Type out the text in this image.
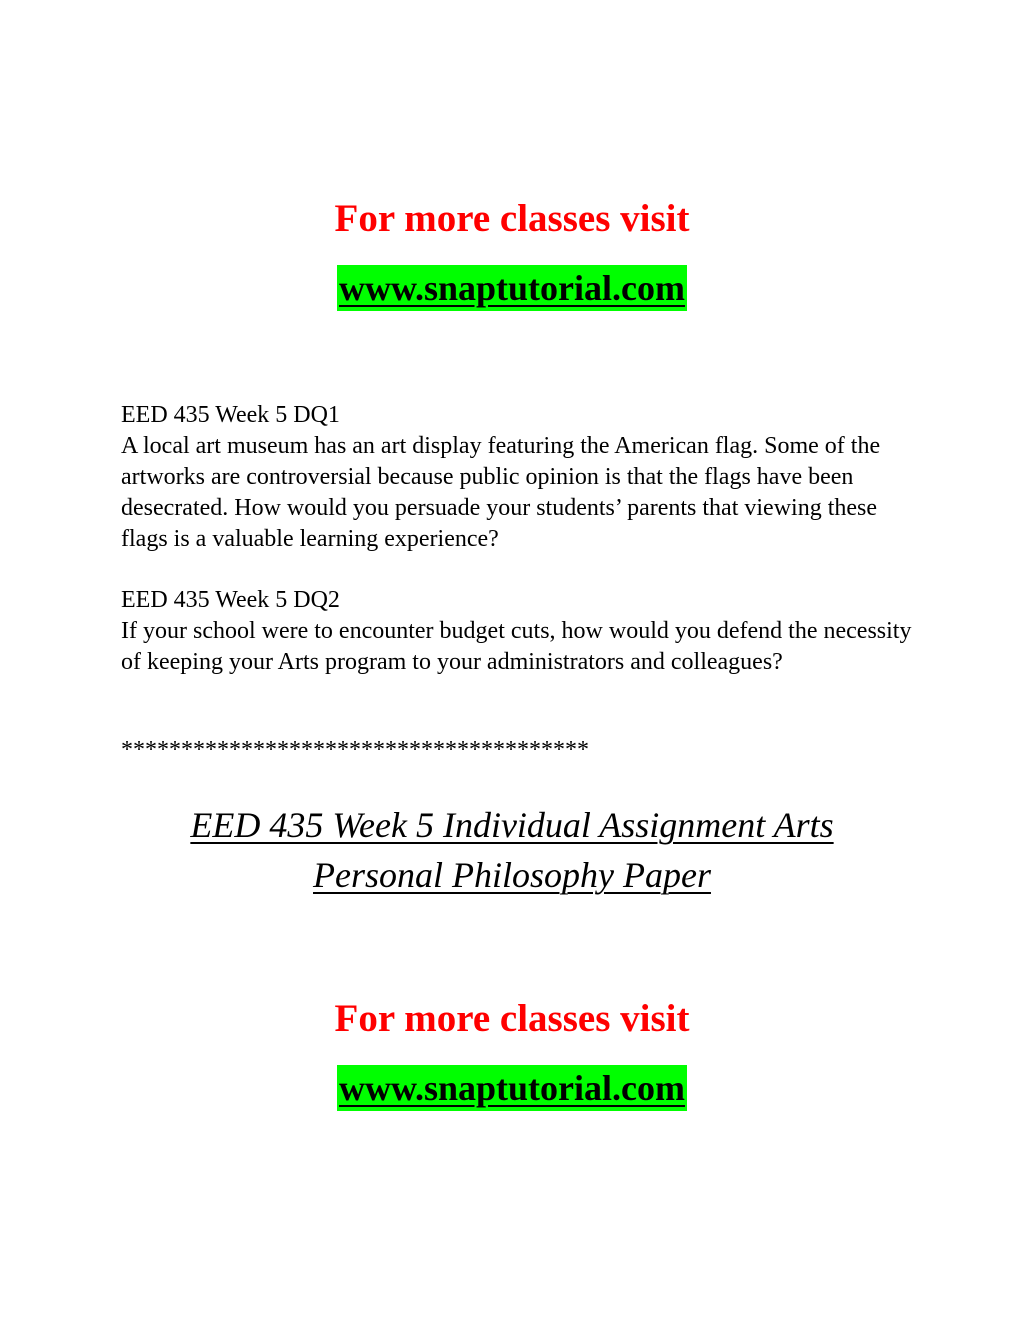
For more classes visit
www.snaptutorial.com

EED 435 Week 5 DQ1

A local art museum has an art display featuring the American flag. Some of the artworks are controversial because public opinion is that the flags have been desecrated. How would you persuade your students’ parents that viewing these flags is a valuable learning experience?

EED 435 Week 5 DQ2

If your school were to encounter budget cuts, how would you defend the necessity of keeping your Arts program to your administrators and colleagues?

***************************************

EED 435 Week 5 Individual Assignment Arts
Personal Philosophy Paper
For more classes visit
www.snaptutorial.com
